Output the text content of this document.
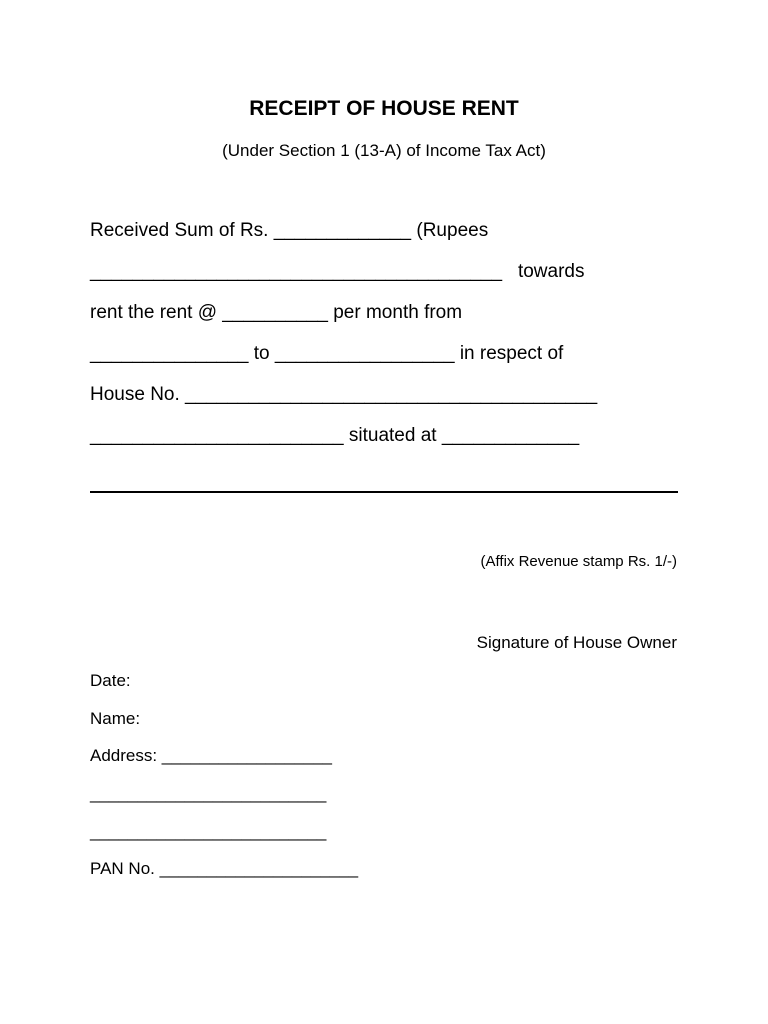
RECEIPT OF HOUSE RENT
(Under Section 1 (13-A) of Income Tax Act)
Received Sum of Rs. _____________ (Rupees
_______________________________________   towards
rent the rent @ __________ per month from
_______________ to _________________ in respect of
House No. _______________________________________
________________________ situated at _____________
(Affix Revenue stamp Rs. 1/-)
Signature of House Owner
Date:
Name:
Address: __________________
_________________________
_________________________
PAN No. _____________________
